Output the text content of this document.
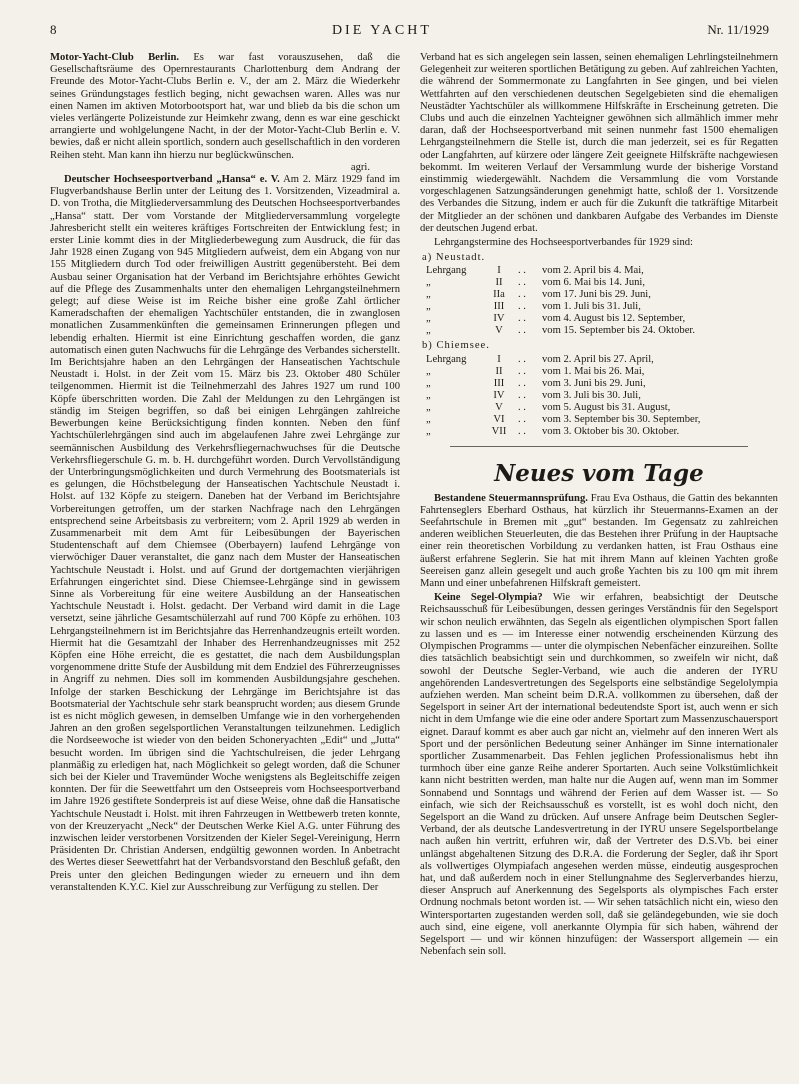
8	DIE YACHT	Nr. 11/1929

Motor-Yacht-Club Berlin. Es war fast vorauszusehen, daß die Gesellschaftsräume des Opernrestaurants Charlottenburg dem Andrang der Freunde des Motor-Yacht-Clubs Berlin e. V., der am 2. März die Wiederkehr seines Gründungstages festlich beging, nicht gewachsen waren. Alles was nur einen Namen im aktiven Motorbootsport hat, war und blieb da bis die schon um vieles verlängerte Polizeistunde zur Heimkehr zwang, denn es war eine geschickt arrangierte und wohlgelungene Nacht, in der der Motor-Yacht-Club Berlin e. V. bewies, daß er nicht allein sportlich, sondern auch gesellschaftlich in den vorderen Reihen steht. Man kann ihn hierzu nur beglückwünschen.

agri.

Deutscher Hochseesportverband „Hansa“ e. V. Am 2. März 1929 fand im Flugverbandshause Berlin unter der Leitung des 1. Vorsitzenden, Vizeadmiral a. D. von Trotha, die Mitgliederversammlung des Deutschen Hochseesportverbandes „Hansa“ statt. Der vom Vorstande der Mitgliederversammlung vorgelegte Jahresbericht stellt ein weiteres kräftiges Fortschreiten der Entwicklung fest; in erster Linie kommt dies in der Mitgliederbewegung zum Ausdruck, die für das Jahr 1928 einen Zugang von 945 Mitgliedern aufweist, dem ein Abgang von nur 155 Mitgliedern durch Tod oder freiwilligen Austritt gegenübersteht. Bei dem Ausbau seiner Organisation hat der Verband im Berichtsjahre erhöhtes Gewicht auf die Pflege des Zusammenhalts unter den ehemaligen Lehrgangsteilnehmern gelegt; auf diese Weise ist im Reiche bisher eine große Zahl örtlicher Kameradschaften der ehemaligen Yachtschüler entstanden, die in zwanglosen monatlichen Zusammenkünften die gemeinsamen Erinnerungen pflegen und lebendig erhalten. Hiermit ist eine Einrichtung geschaffen worden, die ganz automatisch einen guten Nachwuchs für die Lehrgänge des Verbandes sicherstellt. Im Berichtsjahre haben an den Lehrgängen der Hanseatischen Yachtschule Neustadt i. Holst. in der Zeit vom 15. März bis 23. Oktober 480 Schüler teilgenommen. Hiermit ist die Teilnehmerzahl des Jahres 1927 um rund 100 Köpfe überschritten worden. Die Zahl der Meldungen zu den Lehrgängen ist ständig im Steigen begriffen, so daß bei einigen Lehrgängen zahlreiche Bewerbungen keine Berücksichtigung finden konnten. Neben den fünf Yachtschülerlehrgängen sind auch im abgelaufenen Jahre zwei Lehrgänge zur seemännischen Ausbildung des Verkehrsfliegernachwuchses für die Deutsche Verkehrsfliegerschule G. m. b. H. durchgeführt worden. Durch Vervollständigung der Unterbringungsmöglichkeiten und durch Vermehrung des Bootsmaterials ist es gelungen, die Höchstbelegung der Hanseatischen Yachtschule Neustadt i. Holst. auf 132 Köpfe zu steigern. Daneben hat der Verband im Berichtsjahre Vorbereitungen getroffen, um der starken Nachfrage nach den Lehrgängen entsprechend seine Arbeitsbasis zu verbreitern; vom 2. April 1929 ab werden in Zusammenarbeit mit dem Amt für Leibesübungen der Bayerischen Studentenschaft auf dem Chiemsee (Oberbayern) laufend Lehrgänge von vierwöchiger Dauer veranstaltet, die ganz nach dem Muster der Hanseatischen Yachtschule Neustadt i. Holst. und auf Grund der dortgemachten vierjährigen Erfahrungen eingerichtet sind. Diese Chiemsee-Lehrgänge sind in gewissem Sinne als Vorbereitung für eine weitere Ausbildung an der Hanseatischen Yachtschule Neustadt i. Holst. gedacht. Der Verband wird damit in die Lage versetzt, seine jährliche Gesamtschülerzahl auf rund 700 Köpfe zu erhöhen. 103 Lehrgangsteilnehmern ist im Berichtsjahre das Herrenhandzeugnis erteilt worden. Hiermit hat die Gesamtzahl der Inhaber des Herrenhandzeugnisses mit 252 Köpfen eine Höhe erreicht, die es gestattet, die nach dem Ausbildungsplan vorgenommene dritte Stufe der Ausbildung mit dem Endziel des Führerzeugnisses in Angriff zu nehmen. Dies soll im kommenden Ausbildungsjahre geschehen. Infolge der starken Beschickung der Lehrgänge im Berichtsjahre ist das Bootsmaterial der Yachtschule sehr stark beansprucht worden; aus diesem Grunde ist es nicht möglich gewesen, in demselben Umfange wie in den vorhergehenden Jahren an den großen segelsportlichen Veranstaltungen teilzunehmen. Lediglich die Nordseewoche ist wieder von den beiden Schoneryachten „Edit“ und „Jutta“ besucht worden. Im übrigen sind die Yachtschulreisen, die jeder Lehrgang planmäßig zu erledigen hat, nach Möglichkeit so gelegt worden, daß die Schuner sich bei der Kieler und Travemünder Woche wenigstens als Begleitschiffe zeigen konnten. Der für die Seewettfahrt um den Ostseepreis vom Hochseesportverband im Jahre 1926 gestiftete Sonderpreis ist auf diese Weise, ohne daß die Hansatische Yachtschule Neustadt i. Holst. mit ihren Fahrzeugen in Wettbewerb treten konnte, von der Kreuzeryacht „Neck“ der Deutschen Werke Kiel A.G. unter Führung des inzwischen leider verstorbenen Vorsitzenden der Kieler Segel-Vereinigung, Herrn Präsidenten Dr. Christian Andersen, endgültig gewonnen worden. In Anbetracht des Wertes dieser Seewettfahrt hat der Verbandsvorstand den Beschluß gefaßt, den Preis unter den gleichen Bedingungen wieder zu erneuern und ihn dem veranstaltenden K.Y.C. Kiel zur Ausschreibung zur Verfügung zu stellen. Der

Verband hat es sich angelegen sein lassen, seinen ehemaligen Lehrlingsteilnehmern Gelegenheit zur weiteren sportlichen Betätigung zu geben. Auf zahlreichen Yachten, die während der Sommermonate zu Langfahrten in See gingen, und bei vielen Wettfahrten auf den verschiedenen deutschen Segelgebieten sind die ehemaligen Neustädter Yachtschüler als willkommene Hilfskräfte in Erscheinung getreten. Die Clubs und auch die einzelnen Yachteigner gewöhnen sich allmählich immer mehr daran, daß der Hochseesportverband mit seinen nunmehr fast 1500 ehemaligen Lehrgangsteilnehmern die Stelle ist, durch die man jederzeit, sei es für Regatten oder Langfahrten, auf kürzere oder längere Zeit geeignete Hilfskräfte nachgewiesen bekommt. Im weiteren Verlauf der Versammlung wurde der bisherige Vorstand einstimmig wiedergewählt. Nachdem die Versammlung die vom Vorstande vorgeschlagenen Satzungsänderungen genehmigt hatte, schloß der 1. Vorsitzende des Verbandes die Sitzung, indem er auch für die Zukunft die tatkräftige Mitarbeit der Mitglieder an der schönen und dankbaren Aufgabe des Verbandes im Dienste der deutschen Jugend erbat.

Lehrgangstermine des Hochseesportverbandes für 1929 sind:

a) Neustadt.
Lehrgang	I	. .	vom 2. April bis 4. Mai,
„	II	. .	vom 6. Mai bis 14. Juni,
„	IIa	. .	vom 17. Juni bis 29. Juni,
„	III	. .	vom 1. Juli bis 31. Juli,
„	IV	. .	vom 4. August bis 12. September,
„	V	. .	vom 15. September bis 24. Oktober.
b) Chiemsee.
Lehrgang	I	. .	vom 2. April bis 27. April,
„	II	. .	vom 1. Mai bis 26. Mai,
„	III	. .	vom 3. Juni bis 29. Juni,
„	IV	. .	vom 3. Juli bis 30. Juli,
„	V	. .	vom 5. August bis 31. August,
„	VI	. .	vom 3. September bis 30. September,
„	VII	. .	vom 3. Oktober bis 30. Oktober.
Neues vom Tage

Bestandene Steuermannsprüfung. Frau Eva Osthaus, die Gattin des bekannten Fahrtenseglers Eberhard Osthaus, hat kürzlich ihr Steuermanns-Examen an der Seefahrtschule in Bremen mit „gut“ bestanden. Im Gegensatz zu zahlreichen anderen weiblichen Steuerleuten, die das Bestehen ihrer Prüfung in der Hauptsache einer rein theoretischen Vorbildung zu verdanken hatten, ist Frau Osthaus eine äußerst erfahrene Seglerin. Sie hat mit ihrem Mann auf kleinen Yachten große Seereisen ganz allein gesegelt und auch große Yachten bis zu 100 qm mit ihrem Mann und einer unbefahrenen Hilfskraft gemeistert.

Keine Segel-Olympia? Wie wir erfahren, beabsichtigt der Deutsche Reichsausschuß für Leibesübungen, dessen geringes Verständnis für den Segelsport wir schon neulich erwähnten, das Segeln als eigentlichen olympischen Sport fallen zu lassen und es — im Interesse einer notwendig erscheinenden Kürzung des Olympischen Programms — unter die olympischen Nebenfächer einzureihen. Sollte dies tatsächlich beabsichtigt sein und durchkommen, so zweifeln wir nicht, daß sowohl der Deutsche Segler-Verband, wie auch die anderen der IYRU angehörenden Landesvertretungen des Segelsports eine selbständige Segelolympia aufziehen werden. Man scheint beim D.R.A. vollkommen zu übersehen, daß der Segelsport in seiner Art der international bedeutendste Sport ist, auch wenn er sich nicht in dem Umfange wie die eine oder andere Sportart zum Massenzuschauersport eignet. Darauf kommt es aber auch gar nicht an, vielmehr auf den inneren Wert als Sport und der persönlichen Bedeutung seiner Anhänger im Sinne internationaler sportlicher Zusammenarbeit. Das Fehlen jeglichen Professionalismus hebt ihn turmhoch über eine ganze Reihe anderer Sportarten. Auch seine Volkstümlichkeit kann nicht bestritten werden, man halte nur die Augen auf, wenn man im Sommer Sonnabend und Sonntags und während der Ferien auf dem Wasser ist. — So einfach, wie sich der Reichsausschuß es vorstellt, ist es wohl doch nicht, den Segelsport an die Wand zu drücken. Auf unsere Anfrage beim Deutschen Segler-Verband, der als deutsche Landesvertretung in der IYRU unsere Segelsportbelange nach außen hin vertritt, erfuhren wir, daß der Vertreter des D.S.Vb. bei einer unlängst abgehaltenen Sitzung des D.R.A. die Forderung der Segler, daß ihr Sport als vollwertiges Olympiafach angesehen werden müsse, eindeutig ausgesprochen hat, und daß außerdem noch in einer Stellungnahme des Seglerverbandes hierzu, dieser Anspruch auf Anerkennung des Segelsports als olympisches Fach erster Ordnung nochmals betont worden ist. — Wir sehen tatsächlich nicht ein, wieso den Wintersportarten zugestanden werden soll, daß sie geländegebunden, wie sie doch auch sind, eine eigene, voll anerkannte Olympia für sich haben, während der Segelsport — und wir können hinzufügen: der Wassersport allgemein — ein Nebenfach sein soll.
